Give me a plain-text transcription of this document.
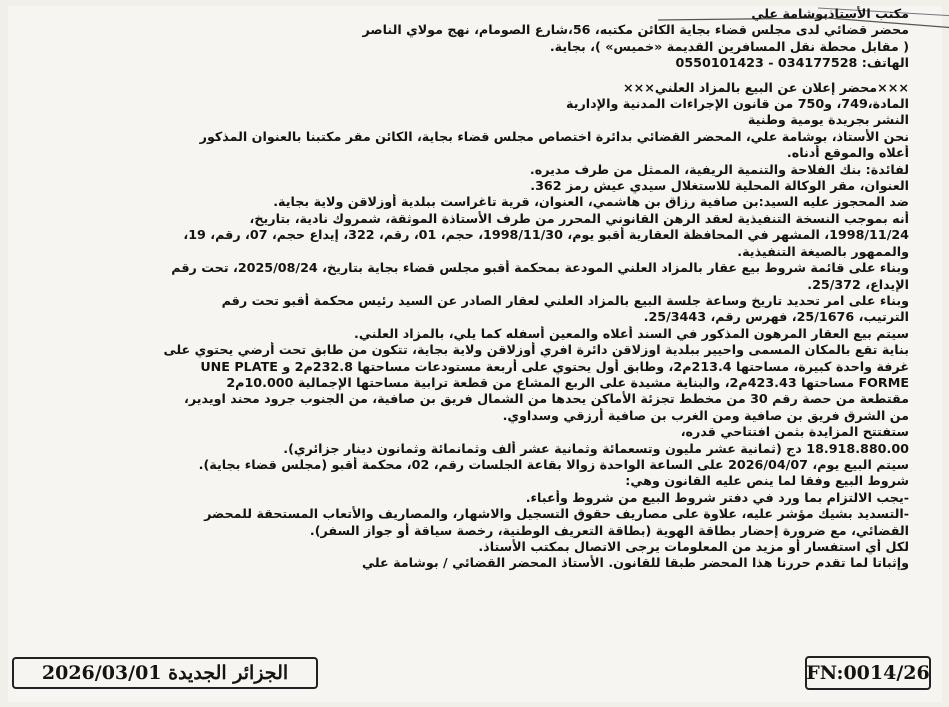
مكتب الأستاذبوشامة علي
محضر قضائي لدى مجلس قضاء بجاية الكائن مكتبه، 56،شارع الصومام، نهج مولاي الناصر
( مقابل محطة نقل المسافرين القديمة «خميس» )، بجاية.
الهاتف: 034177528 - 0550101423
×××محضر إعلان عن البيع بالمزاد العلني×××
المادة،749، و750 من قانون الإجراءات المدنية والإدارية
النشر بجريدة يومية وطنية
نحن الأستاذ، بوشامة علي، المحضر القضائي بدائرة اختصاص مجلس قضاء بجاية، الكائن مقر مكتبنا بالعنوان المذكور
أعلاه والموقع أدناه.
لفائدة: بنك الفلاحة والتنمية الريفية، الممثل من طرف مديره.
العنوان، مقر الوكالة المحلية للاستغلال سيدي عيش رمز 362.
ضد المحجوز عليه السيد:بن صافية رزاق بن هاشمي، العنوان، قرية تاغراست ببلدية أوزلاقن ولاية بجاية.
أنه بموجب النسخة التنفيذية لعقد الرهن القانوني المحرر من طرف الأستاذة الموثقة، شمروك نادية، بتاريخ،
1998/11/24، المشهر في المحافظة العقارية أقبو يوم، 1998/11/30، حجم، 01، رقم، 322، إيداع حجم، 07، رقم، 19،
والممهور بالصيغة التنفيذية.
وبناء على قائمة شروط بيع عقار بالمزاد العلني المودعة بمحكمة أقبو مجلس قضاء بجاية بتاريخ، 2025/08/24، تحت رقم
الإيداع، 25/372.
وبناء على امر تحديد تاريخ وساعة جلسة البيع بالمزاد العلني لعقار الصادر عن السيد رئيس محكمة أقبو تحت رقم
الترتيب، 25/1676، فهرس رقم، 25/3443.
سيتم بيع العقار المرهون المذكور في السند أعلاه والمعين أسفله كما يلي، بالمزاد العلني.
بناية تقع بالمكان المسمى واحيير ببلدية اوزلاقن دائرة افري أوزلاقن ولاية بجاية، تتكون من طابق تحت أرضي يحتوي على
غرفة واحدة كبيرة، مساحتها 213.4م2، وطابق أول يحتوي على أربعة مستودعات مساحتها 232.8م2 و UNE PLATE
FORME مساحتها 423.43م2، والبناية مشيدة على الربع المشاع من قطعة ترابية مساحتها الإجمالية 10.000م2
مقتطعة من حصة رقم 30 من مخطط تجزئة الأماكن يحدها من الشمال فريق بن صافية، من الجنوب جرود محند اويدير،
من الشرق فريق بن صافية ومن الغرب بن صافية أرزقي وسداوي.
ستفتتح المزايدة بثمن افتتاحي قدره،
18.918.880.00 دج (ثمانية عشر مليون وتسعمائة وثمانية عشر ألف وثمانمائة وثمانون دينار جزائري).
سيتم البيع يوم، 2026/04/07 على الساعة الواحدة زوالا بقاعة الجلسات رقم، 02، محكمة أقبو (مجلس قضاء بجاية).
شروط البيع وفقا لما ينص عليه القانون وهي:
-يجب الالتزام بما ورد في دفتر شروط البيع من شروط وأعباء.
-التسديد بشيك مؤشر عليه، علاوة على مصاريف حقوق التسجيل والاشهار، والمصاريف والأتعاب المستحقة للمحضر
القضائي، مع ضرورة إحضار بطاقة الهوية (بطاقة التعريف الوطنية، رخصة سياقة أو جواز السفر).
لكل أي استفسار أو مزيد من المعلومات يرجى الاتصال بمكتب الأستاذ.
وإثباتا لما تقدم حررنا هذا المحضر طبقا للقانون. الأستاذ المحضر القضائي / بوشامة علي
الجزائر الجديدة 2026/03/01	FN:0014/26
